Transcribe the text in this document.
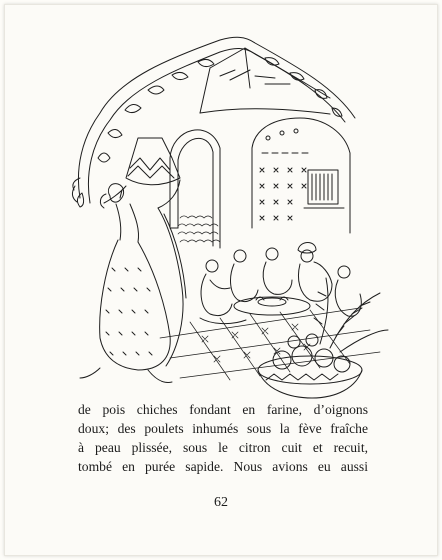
de pois chiches fondant en farine, d’oignons
doux; des poulets inhumés sous la fève fraîche
à peau plissée, sous le citron cuit et recuit,
tombé en purée sapide. Nous avions eu aussi
62
